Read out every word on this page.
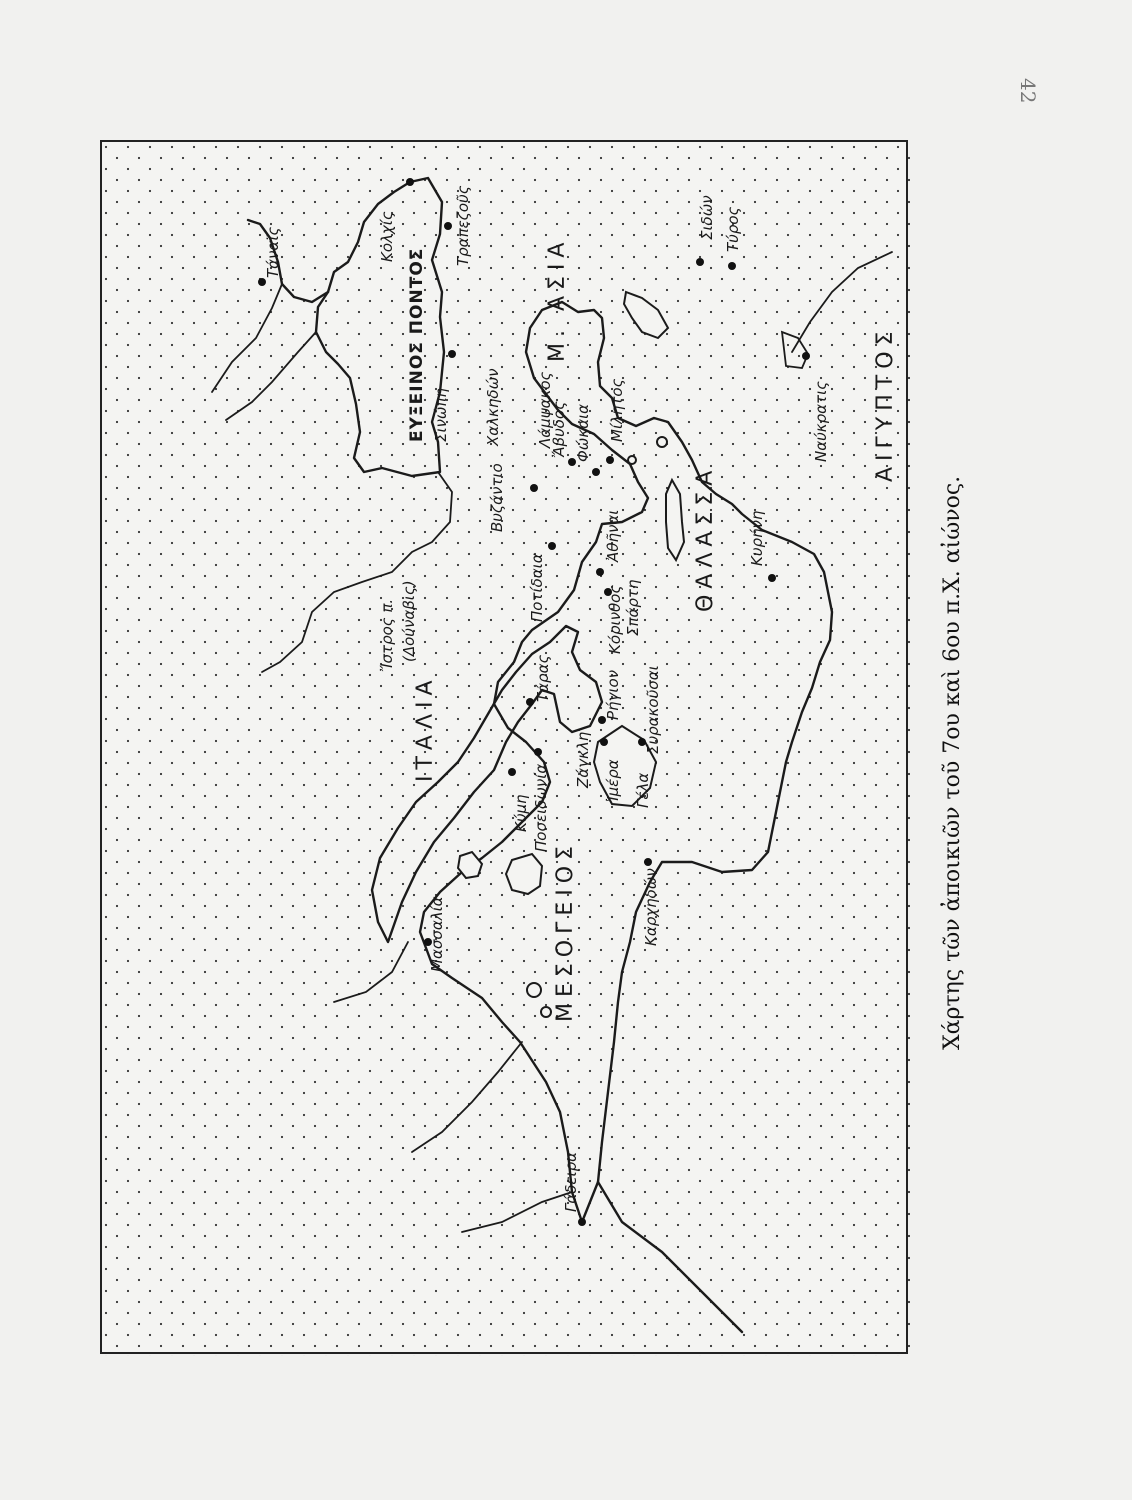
42
ΜΕΣΟΓΕΙΟΣ
ΘΑΛΑΣΣΑ
ΙΤΑΛΙΑ
Μ. ΑΣΙΑ
ΑΙΓΥΠΤΟΣ
ΕΥΞΕΙΝΟΣ ΠΟΝΤΟΣ
Ἴστρος π. (Δούναβις)
Τάναϊς	Κολχίς	Τραπεζοῦς
Σινώπη
Βυζάντιο
Χαλκηδών Λάμψακος
Ἄβυδος Φώκαια Μίλητος
Σιδών Τύρος
Ναύκρατις
Κυρήνη
Ποτίδαια
Ἀθῆναι
Κόρινθος Σπάρτη
Τάρας	Ρήγιον Συρακοῦσαι
Ζάγκλη Ἱμέρα Γέλα
Κύμη Ποσειδωνία
Μασσαλία	Καρχηδών
Γάδειρα
Χάρτης τῶν ἀποικιῶν τοῦ 7ου καὶ 6ου π.Χ. αἰώνος.
